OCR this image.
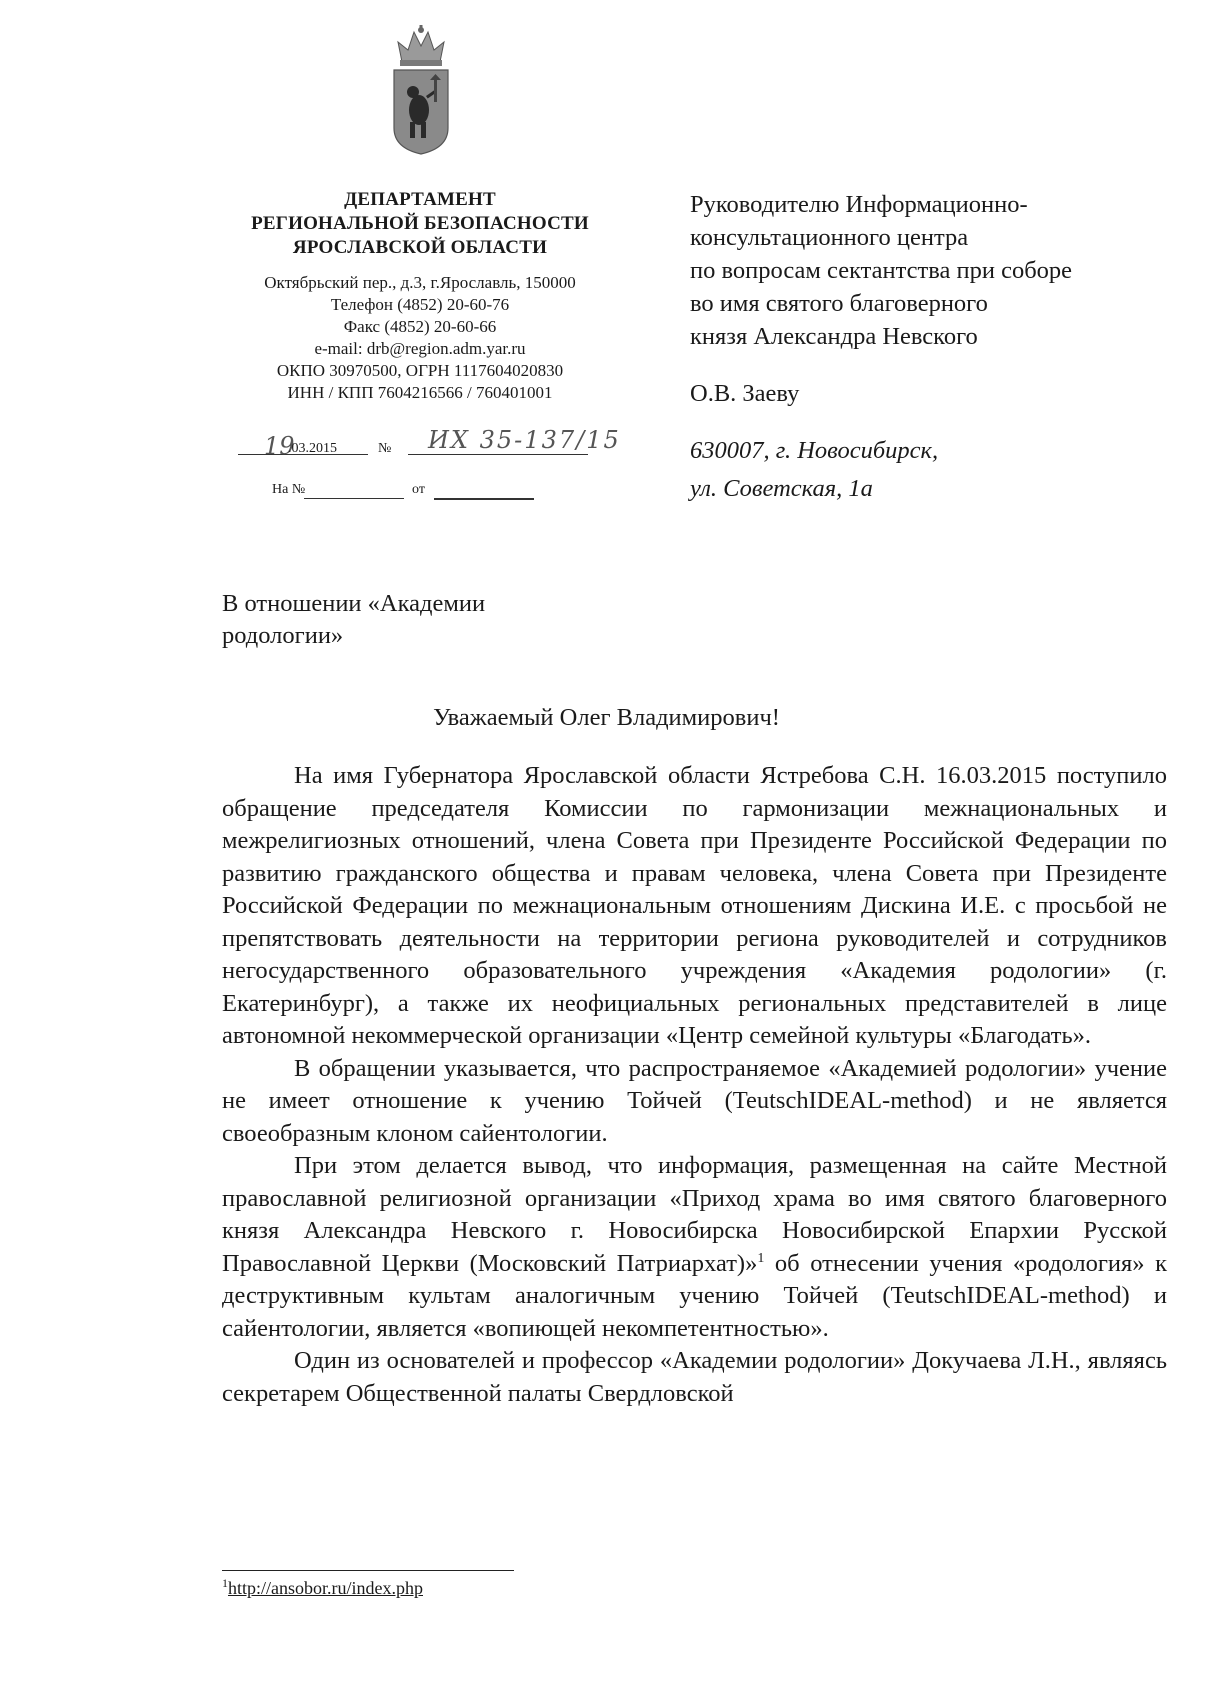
ДЕПАРТАМЕНТ
РЕГИОНАЛЬНОЙ БЕЗОПАСНОСТИ
ЯРОСЛАВСКОЙ ОБЛАСТИ
Октябрьский пер., д.3, г.Ярославль, 150000
Телефон (4852) 20-60-76
Факс (4852) 20-60-66
e-mail: drb@region.adm.yar.ru
ОКПО 30970500, ОГРН 1117604020830
ИНН / КПП 7604216566 / 760401001
19
.03.2015	№ ИХ 35-137/15
На №	от
Руководителю Информационно-
консультационного центра
по вопросам сектантства при соборе
во имя святого благоверного
князя Александра Невского
О.В. Заеву
630007, г. Новосибирск,
ул. Советская, 1а
В отношении «Академии
родологии»
Уважаемый Олег Владимирович!

На имя Губернатора Ярославской области Ястребова С.Н. 16.03.2015 поступило обращение председателя Комиссии по гармонизации межнациональных и межрелигиозных отношений, члена Совета при Президенте Российской Федерации по развитию гражданского общества и правам человека, члена Совета при Президенте Российской Федерации по межнациональным отношениям Дискина И.Е. с просьбой не препятствовать деятельности на территории региона руководителей и сотрудников негосударственного образовательного учреждения «Академия родологии» (г. Екатеринбург), а также их неофициальных региональных представителей в лице автономной некоммерческой организации «Центр семейной культуры «Благодать».

В обращении указывается, что распространяемое «Академией родологии» учение не имеет отношение к учению Тойчей (TeutschIDEAL-method) и не является своеобразным клоном сайентологии.

При этом делается вывод, что информация, размещенная на сайте Местной православной религиозной организации «Приход храма во имя святого благоверного князя Александра Невского г. Новосибирска Новосибирской Епархии Русской Православной Церкви (Московский Патриархат)»$^1$ об отнесении учения «родология» к деструктивным культам аналогичным учению Тойчей (TeutschIDEAL-method) и сайентологии, является «вопиющей некомпетентностью».

Один из основателей и профессор «Академии родологии» Докучаева Л.Н., являясь секретарем Общественной палаты Свердловской

$^1$http://ansobor.ru/index.php
